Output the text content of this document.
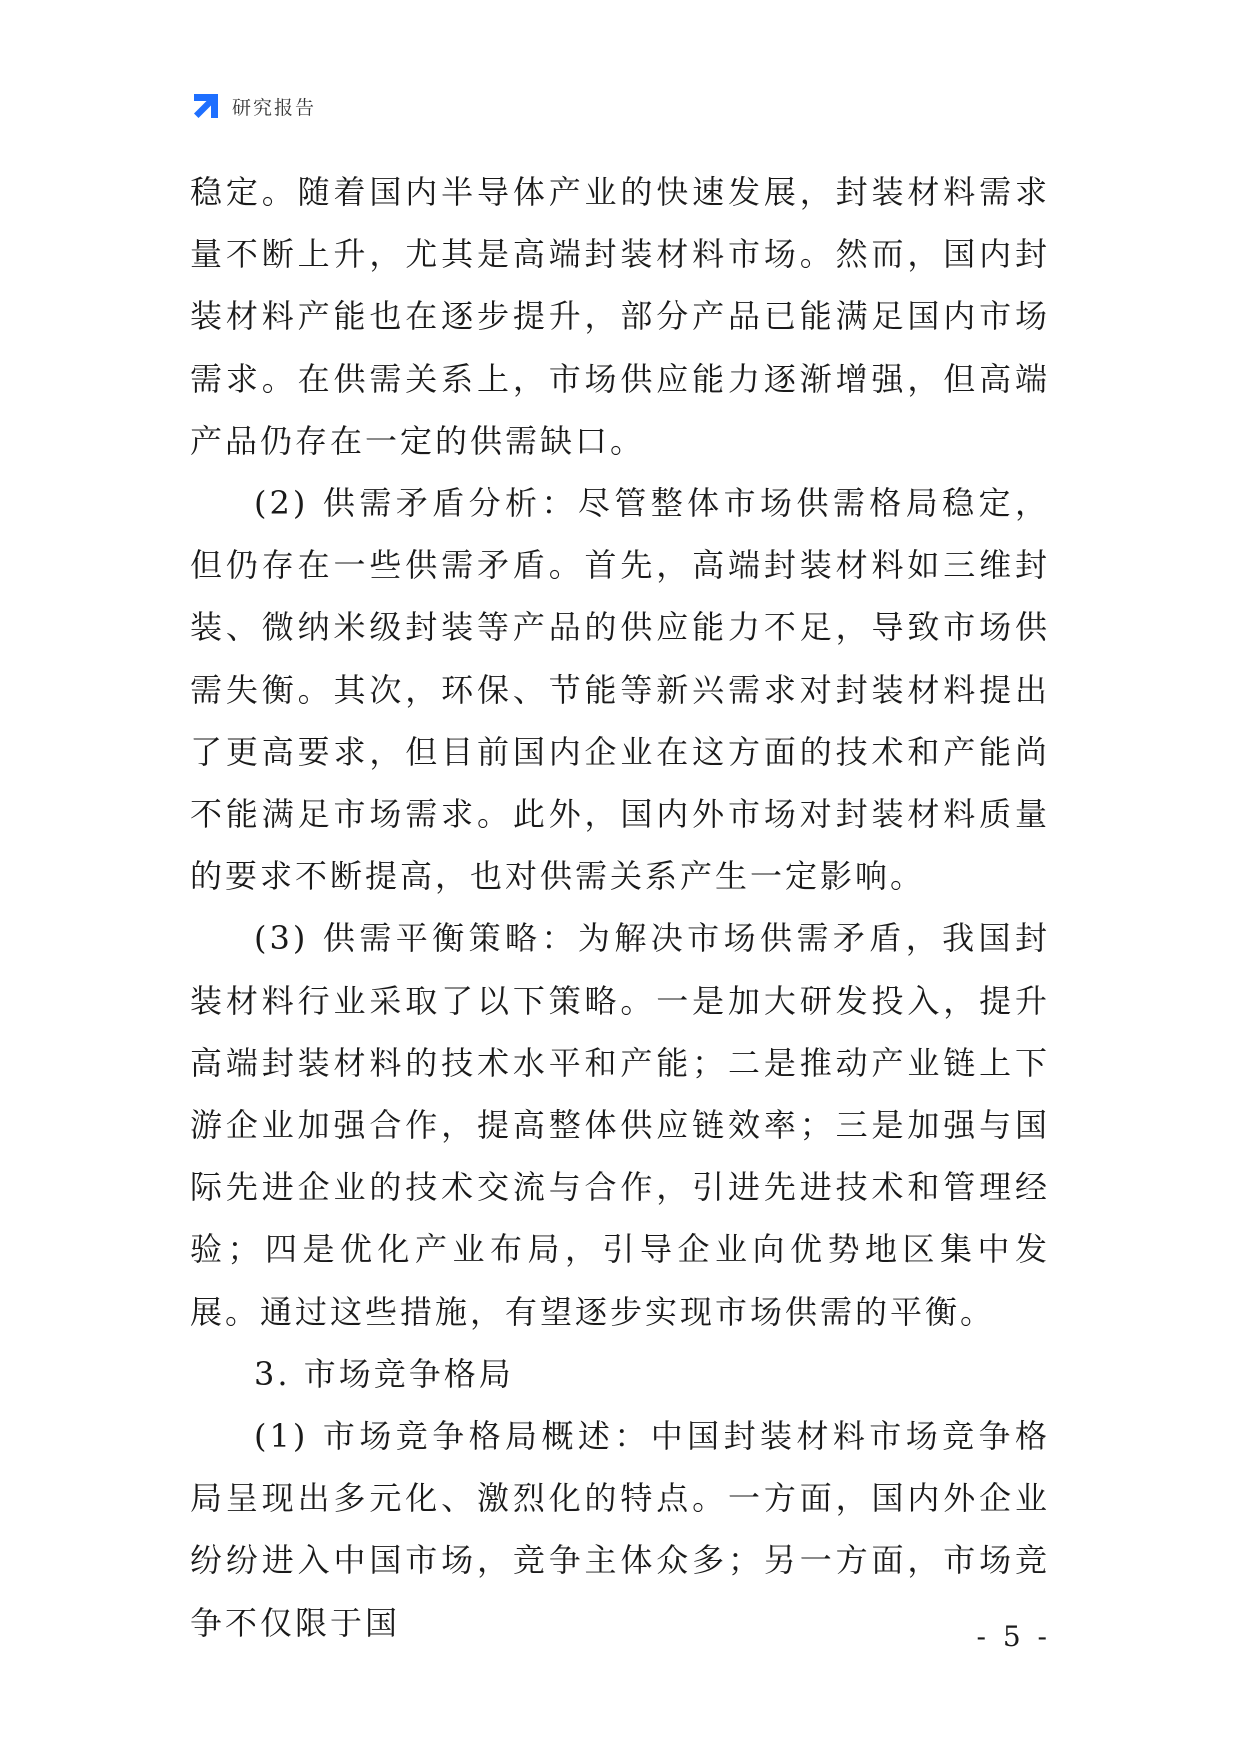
研究报告

稳定。随着国内半导体产业的快速发展，封装材料需求量不断上升，尤其是高端封装材料市场。然而，国内封装材料产能也在逐步提升，部分产品已能满足国内市场需求。在供需关系上，市场供应能力逐渐增强，但高端产品仍存在一定的供需缺口。

(2) 供需矛盾分析：尽管整体市场供需格局稳定，但仍存在一些供需矛盾。首先，高端封装材料如三维封装、微纳米级封装等产品的供应能力不足，导致市场供需失衡。其次，环保、节能等新兴需求对封装材料提出了更高要求，但目前国内企业在这方面的技术和产能尚不能满足市场需求。此外，国内外市场对封装材料质量的要求不断提高，也对供需关系产生一定影响。

(3) 供需平衡策略：为解决市场供需矛盾，我国封装材料行业采取了以下策略。一是加大研发投入，提升高端封装材料的技术水平和产能；二是推动产业链上下游企业加强合作，提高整体供应链效率；三是加强与国际先进企业的技术交流与合作，引进先进技术和管理经验；四是优化产业布局，引导企业向优势地区集中发展。通过这些措施，有望逐步实现市场供需的平衡。

3. 市场竞争格局

(1) 市场竞争格局概述：中国封装材料市场竞争格局呈现出多元化、激烈化的特点。一方面，国内外企业纷纷进入中国市场，竞争主体众多；另一方面，市场竞争不仅限于国	- 5 -
